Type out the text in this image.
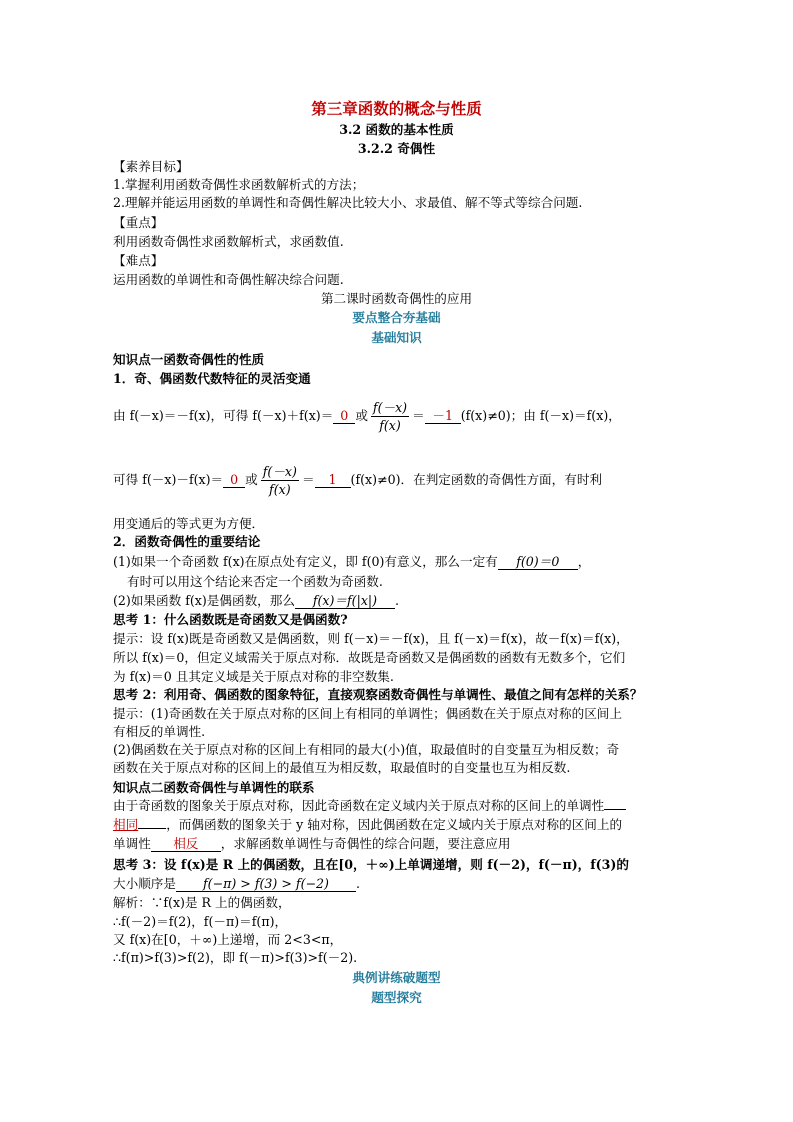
第三章函数的概念与性质
3.2 函数的基本性质
3.2.2 奇偶性
【素养目标】
1.掌握利用函数奇偶性求函数解析式的方法；
2.理解并能运用函数的单调性和奇偶性解决比较大小、求最值、解不等式等综合问题.
【重点】
利用函数奇偶性求函数解析式，求函数值.
【难点】
运用函数的单调性和奇偶性解决综合问题.
第二课时函数奇偶性的应用
要点整合夯基础
基础知识
知识点一函数奇偶性的性质
1．奇、偶函数代数特征的灵活变通
由 f(－x)＝－f(x)，可得 f(－x)＋f(x)＝ 0 或 $\frac{f(-x)}{f(x)} = -1$ (f(x)≠0)；由 f(－x)＝f(x)，
可得 f(－x)－f(x)＝ 0 或 $\frac{f(-x)}{f(x)} = 1$ (f(x)≠0)．在判定函数的奇偶性方面，有时利
用变通后的等式更为方便．
2．函数奇偶性的重要结论
(1)如果一个奇函数 f(x)在原点处有定义，即 f(0)有意义，那么一定有 f(0)＝0 ，
有时可以用这个结论来否定一个函数为奇函数.
(2)如果函数 f(x)是偶函数，那么 f(x)＝f(|x|) .
思考 1：什么函数既是奇函数又是偶函数?
提示：设 f(x)既是奇函数又是偶函数，则 f(－x)＝－f(x)，且 f(－x)＝f(x)，故－f(x)＝f(x)，
所以 f(x)＝0，但定义域需关于原点对称．故既是奇函数又是偶函数的函数有无数多个，它们
为 f(x)＝0 且其定义域是关于原点对称的非空数集.
思考 2：利用奇、偶函数的图象特征，直接观察函数奇偶性与单调性、最值之间有怎样的关系？
提示：(1)奇函数在关于原点对称的区间上有相同的单调性；偶函数在关于原点对称的区间上
有相反的单调性.
(2)偶函数在关于原点对称的区间上有相同的最大(小)值，取最值时的自变量互为相反数；奇
函数在关于原点对称的区间上的最值互为相反数，取最值时的自变量也互为相反数.
知识点二函数奇偶性与单调性的联系
由于奇函数的图象关于原点对称，因此奇函数在定义域内关于原点对称的区间上的单调性
相同 ，而偶函数的图象关于 y 轴对称，因此偶函数在定义域内关于原点对称的区间上的
单调性 相反 ，求解函数单调性与奇偶性的综合问题，要注意应用
思考 3：设 f(x)是 R 上的偶函数，且在[0，＋∞)上单调递增，则 f(－2)，f(－π)，f(3)的
大小顺序是 f(−π) > f(3) > f(−2) .
解析：∵f(x)是 R 上的偶函数，
∴f(－2)＝f(2)，f(－π)＝f(π)，
又 f(x)在[0，＋∞)上递增，而 2<3<π，
∴f(π)>f(3)>f(2)，即 f(－π)>f(3)>f(－2).
典例讲练破题型
题型探究
